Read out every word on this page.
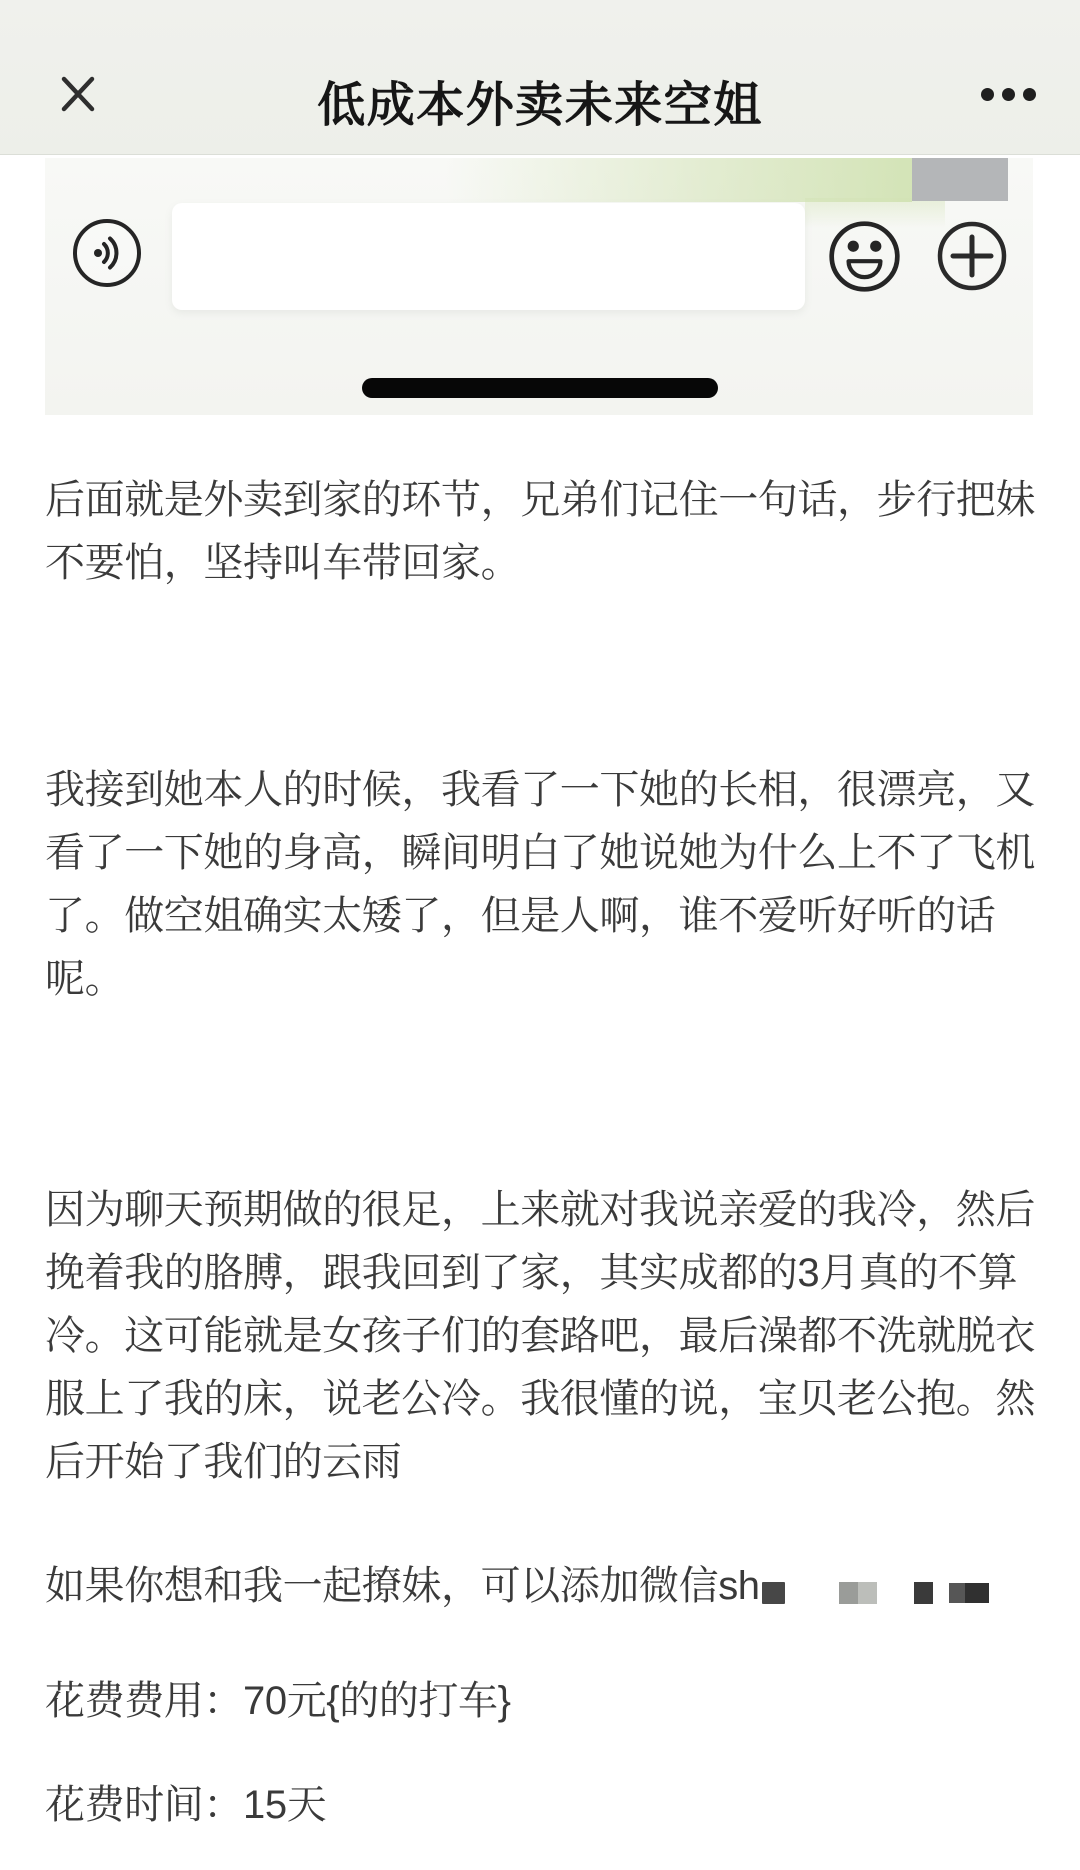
低成本外卖未来空姐

后面就是外卖到家的环节，兄弟们记住一句话，步行把妹不要怕，坚持叫车带回家。

我接到她本人的时候，我看了一下她的长相，很漂亮，又看了一下她的身高，瞬间明白了她说她为什么上不了飞机了。做空姐确实太矮了，但是人啊，谁不爱听好听的话呢。

因为聊天预期做的很足，上来就对我说亲爱的我冷，然后挽着我的胳膊，跟我回到了家，其实成都的3月真的不算冷。这可能就是女孩子们的套路吧，最后澡都不洗就脱衣服上了我的床，说老公冷。我很懂的说，宝贝老公抱。然后开始了我们的云雨

如果你想和我一起撩妹，可以添加微信sh

花费费用：70元{的的打车}

花费时间：15天
